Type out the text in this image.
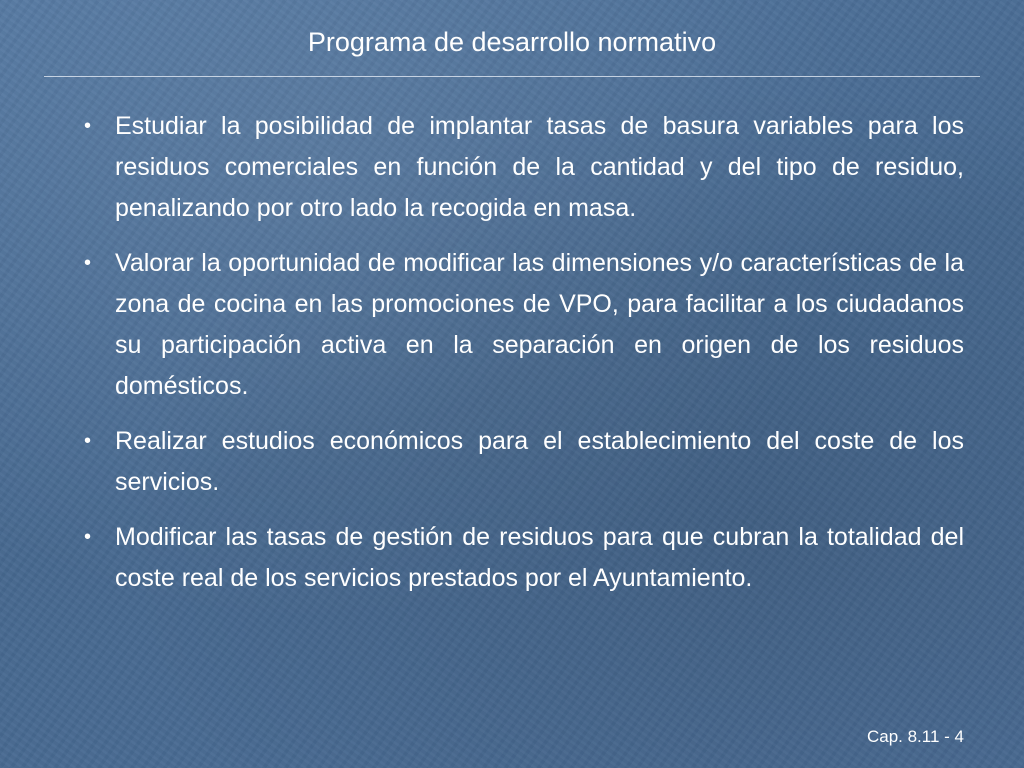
Programa de desarrollo normativo
• Estudiar la posibilidad de implantar tasas de basura variables para los residuos comerciales en función de la cantidad y del tipo de residuo, penalizando por otro lado la recogida en masa.
• Valorar la oportunidad de modificar las dimensiones y/o características de la zona de cocina en las promociones de VPO, para facilitar a los ciudadanos su participación activa en la separación en origen de los residuos domésticos.
• Realizar estudios económicos para el establecimiento del coste de los servicios.
• Modificar las tasas de gestión de residuos para que cubran la totalidad del coste real de los servicios prestados por el Ayuntamiento.
Cap. 8.11 - 4
